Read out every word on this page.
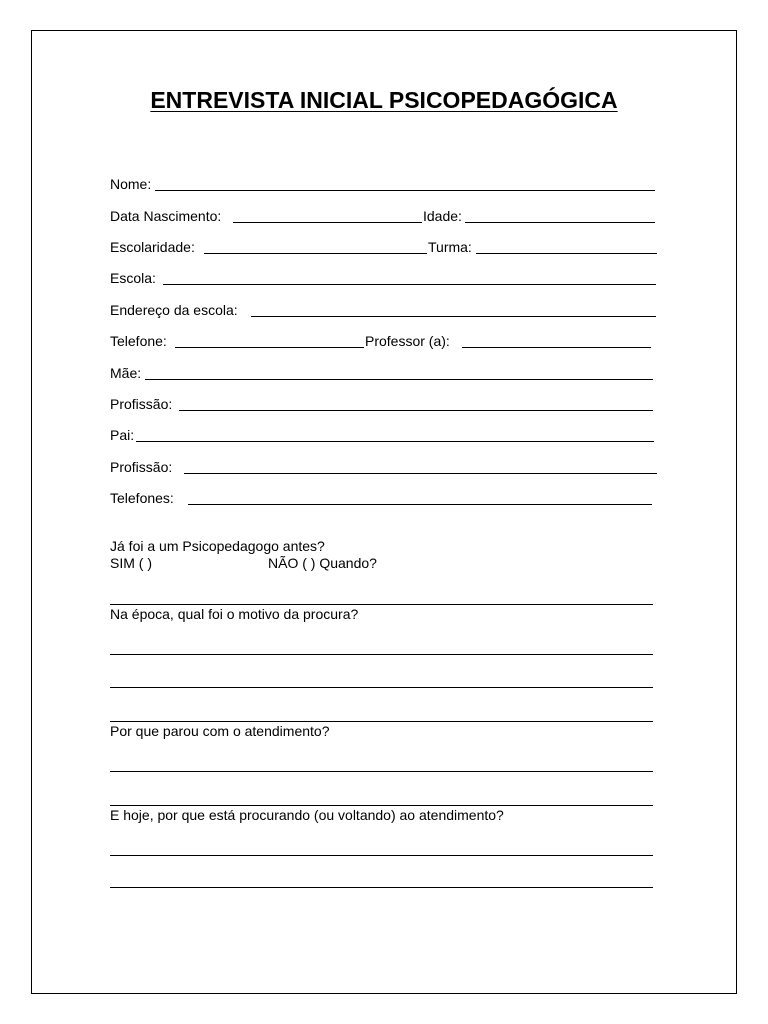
ENTREVISTA INICIAL PSICOPEDAGÓGICA
Nome:
Data Nascimento:	Idade:
Escolaridade:	Turma:
Escola:
Endereço da escola:
Telefone:	Professor (a):
Mãe:
Profissão:
Pai:
Profissão:
Telefones:
Já foi a um Psicopedagogo antes?
SIM ( )	NÃO ( ) Quando?
Na época, qual foi o motivo da procura?
Por que parou com o atendimento?
E hoje, por que está procurando (ou voltando) ao atendimento?
